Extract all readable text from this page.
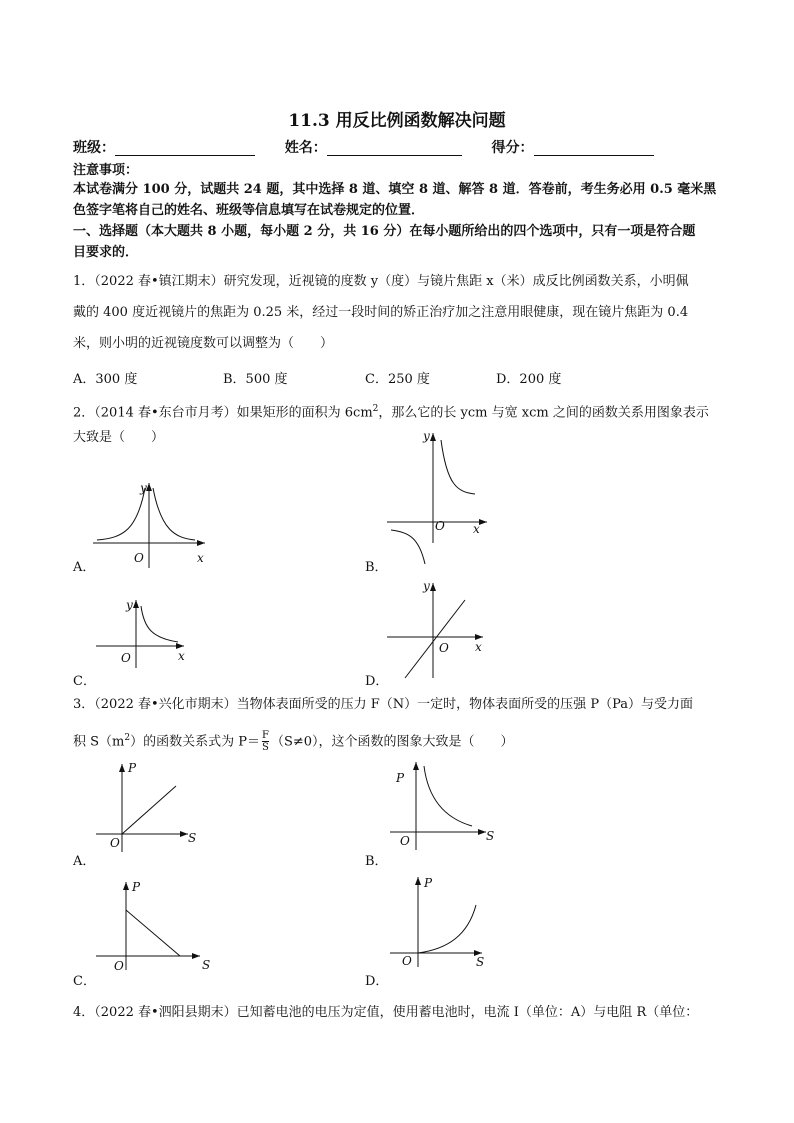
11.3 用反比例函数解决问题
班级：	姓名：	得分：
注意事项：
本试卷满分 100 分，试题共 24 题，其中选择 8 道、填空 8 道、解答 8 道．答卷前，考生务必用 0.5 毫米黑
色签字笔将自己的姓名、班级等信息填写在试卷规定的位置．
一、选择题（本大题共 8 小题，每小题 2 分，共 16 分）在每小题所给出的四个选项中，只有一项是符合题
目要求的．
1．（2022 春•镇江期末）研究发现，近视镜的度数 y（度）与镜片焦距 x（米）成反比例函数关系，小明佩
戴的 400 度近视镜片的焦距为 0.25 米，经过一段时间的矫正治疗加之注意用眼健康，现在镜片焦距为 0.4
米，则小明的近视镜度数可以调整为（　　）
A．300 度	B．500 度	C．250 度	D．200 度
2．（2014 春•东台市月考）如果矩形的面积为 $6cm^2$，那么它的长 ycm 与宽 xcm 之间的函数关系用图象表示
大致是（　　）
y
O	x
A．
y
O x
B．
y
O	x
C．
y
O x
D．
3．（2022 春•兴化市期末）当物体表面所受的压力 F（N）一定时，物体表面所受的压强 P（Pa）与受力面
积 $S(m^2)$的函数关系式为 $P= \frac{F}{S} (S\ne 0)$，这个函数的图象大致是（　　）
P
O	S
A．
P
O	S
B．
P
O	S
C．
P
O	S
D．
4．（2022 春•泗阳县期末）已知蓄电池的电压为定值，使用蓄电池时，电流 I（单位：A）与电阻 R（单位：
